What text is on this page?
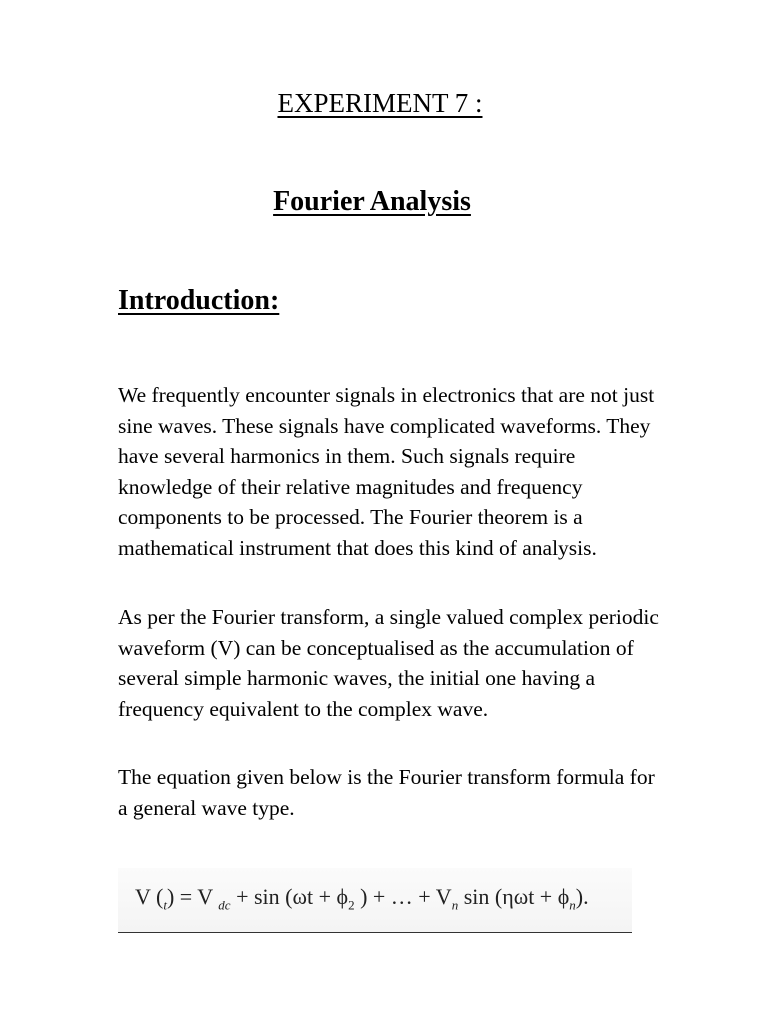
EXPERIMENT 7 :
Fourier Analysis
Introduction:

We frequently encounter signals in electronics that are not just sine waves. These signals have complicated waveforms. They have several harmonics in them. Such signals require knowledge of their relative magnitudes and frequency components to be processed. The Fourier theorem is a mathematical instrument that does this kind of analysis.

As per the Fourier transform, a single valued complex periodic waveform (V) can be conceptualised as the accumulation of several simple harmonic waves, the initial one having a frequency equivalent to the complex wave.

The equation given below is the Fourier transform formula for a general wave type.

V $(_t) = V$ $_{dc} + \sin (\omega t + \phi_2$ ) + … + $V_n$ $\sin (\eta\omega t + \phi_n)$.
